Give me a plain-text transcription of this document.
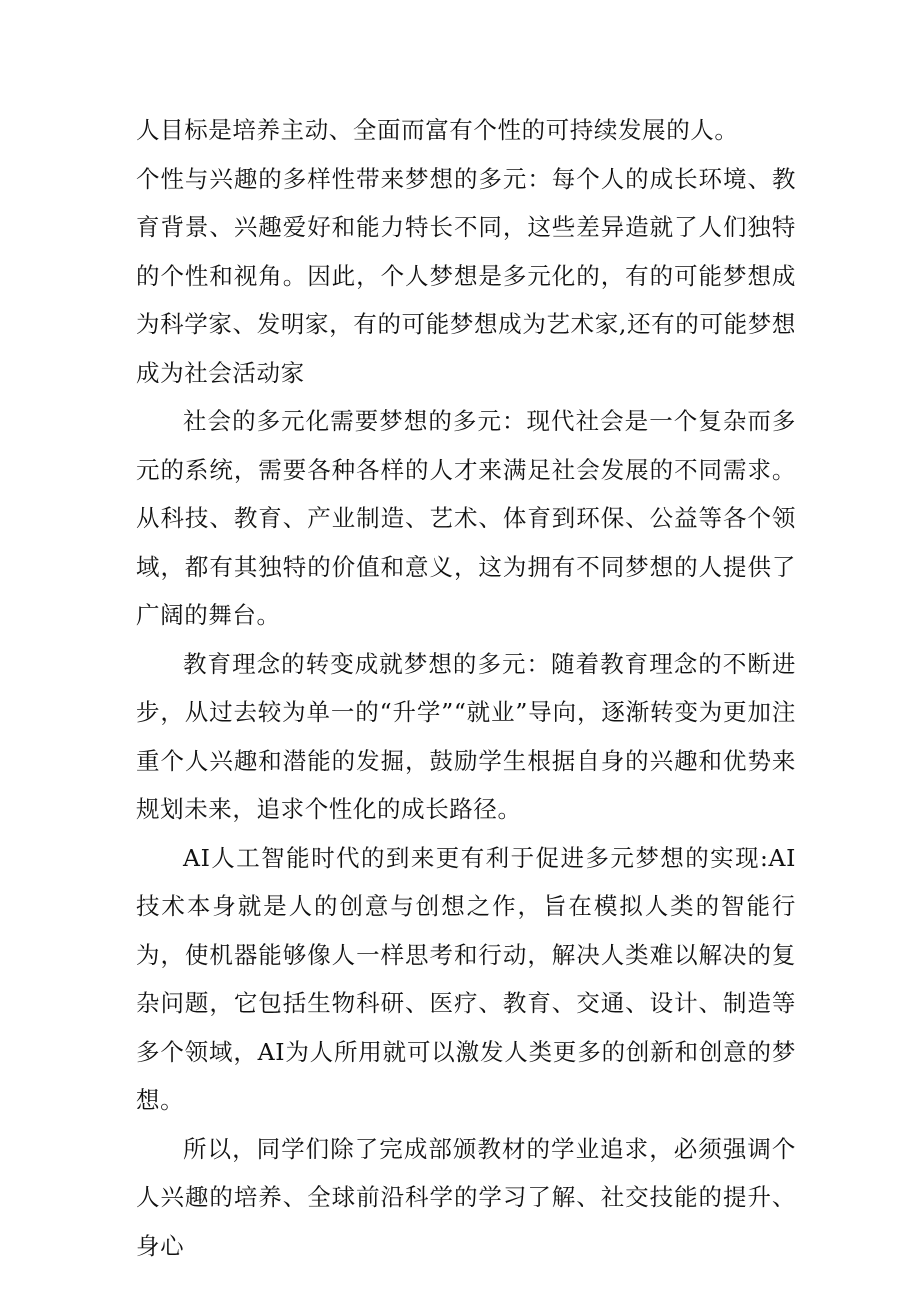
人目标是培养主动、全面而富有个性的可持续发展的人。

个性与兴趣的多样性带来梦想的多元：每个人的成长环境、教育背景、兴趣爱好和能力特长不同，这些差异造就了人们独特的个性和视角。因此，个人梦想是多元化的，有的可能梦想成为科学家、发明家，有的可能梦想成为艺术家,还有的可能梦想成为社会活动家

社会的多元化需要梦想的多元：现代社会是一个复杂而多元的系统，需要各种各样的人才来满足社会发展的不同需求。从科技、教育、产业制造、艺术、体育到环保、公益等各个领域，都有其独特的价值和意义，这为拥有不同梦想的人提供了广阔的舞台。

教育理念的转变成就梦想的多元：随着教育理念的不断进步，从过去较为单一的“升学”“就业”导向，逐渐转变为更加注重个人兴趣和潜能的发掘，鼓励学生根据自身的兴趣和优势来规划未来，追求个性化的成长路径。

AI人工智能时代的到来更有利于促进多元梦想的实现:AI技术本身就是人的创意与创想之作，旨在模拟人类的智能行为，使机器能够像人一样思考和行动，解决人类难以解决的复杂问题，它包括生物科研、医疗、教育、交通、设计、制造等多个领域，AI为人所用就可以激发人类更多的创新和创意的梦想。

所以，同学们除了完成部颁教材的学业追求，必须强调个人兴趣的培养、全球前沿科学的学习了解、社交技能的提升、身心
